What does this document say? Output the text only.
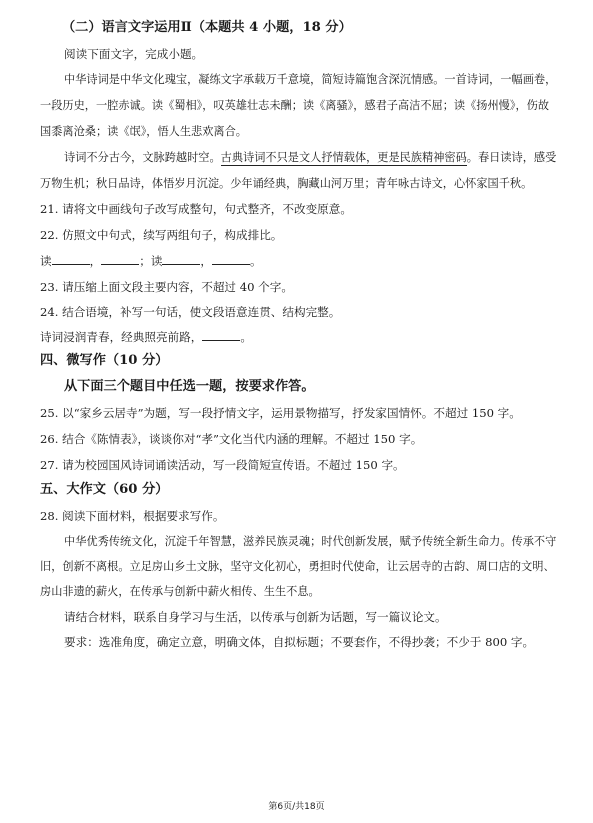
（二）语言文字运用Ⅱ（本题共 4 小题，18 分）
阅读下面文字，完成小题。
中华诗词是中华文化瑰宝，凝练文字承载万千意境，简短诗篇饱含深沉情感。一首诗词，一幅画卷，
一段历史，一腔赤诚。读《蜀相》，叹英雄壮志未酬；读《离骚》，感君子高洁不屈；读《扬州慢》，伤故
国黍离沧桑；读《氓》，悟人生悲欢离合。
诗词不分古今，文脉跨越时空。古典诗词不只是文人抒情载体，更是民族精神密码。春日读诗，感受
万物生机；秋日品诗，体悟岁月沉淀。少年诵经典，胸藏山河万里；青年咏古诗文，心怀家国千秋。
21. 请将文中画线句子改写成整句，句式整齐，不改变原意。
22. 仿照文中句式，续写两组句子，构成排比。
读	，	；读	，	。
23. 请压缩上面文段主要内容，不超过 40 个字。
24. 结合语境，补写一句话，使文段语意连贯、结构完整。
诗词浸润青春，经典照亮前路，	。
四、微写作（10 分）
从下面三个题目中任选一题，按要求作答。
25. 以“家乡云居寺”为题，写一段抒情文字，运用景物描写，抒发家国情怀。不超过 150 字。
26. 结合《陈情表》，谈谈你对“孝”文化当代内涵的理解。不超过 150 字。
27. 请为校园国风诗词诵读活动，写一段简短宣传语。不超过 150 字。
五、大作文（60 分）
28. 阅读下面材料，根据要求写作。
中华优秀传统文化，沉淀千年智慧，滋养民族灵魂；时代创新发展，赋予传统全新生命力。传承不守
旧，创新不离根。立足房山乡土文脉，坚守文化初心，勇担时代使命，让云居寺的古韵、周口店的文明、
房山非遗的薪火，在传承与创新中薪火相传、生生不息。
请结合材料，联系自身学习与生活，以传承与创新为话题，写一篇议论文。
要求：选准角度，确定立意，明确文体，自拟标题；不要套作，不得抄袭；不少于 800 字。
第6页/共18页
